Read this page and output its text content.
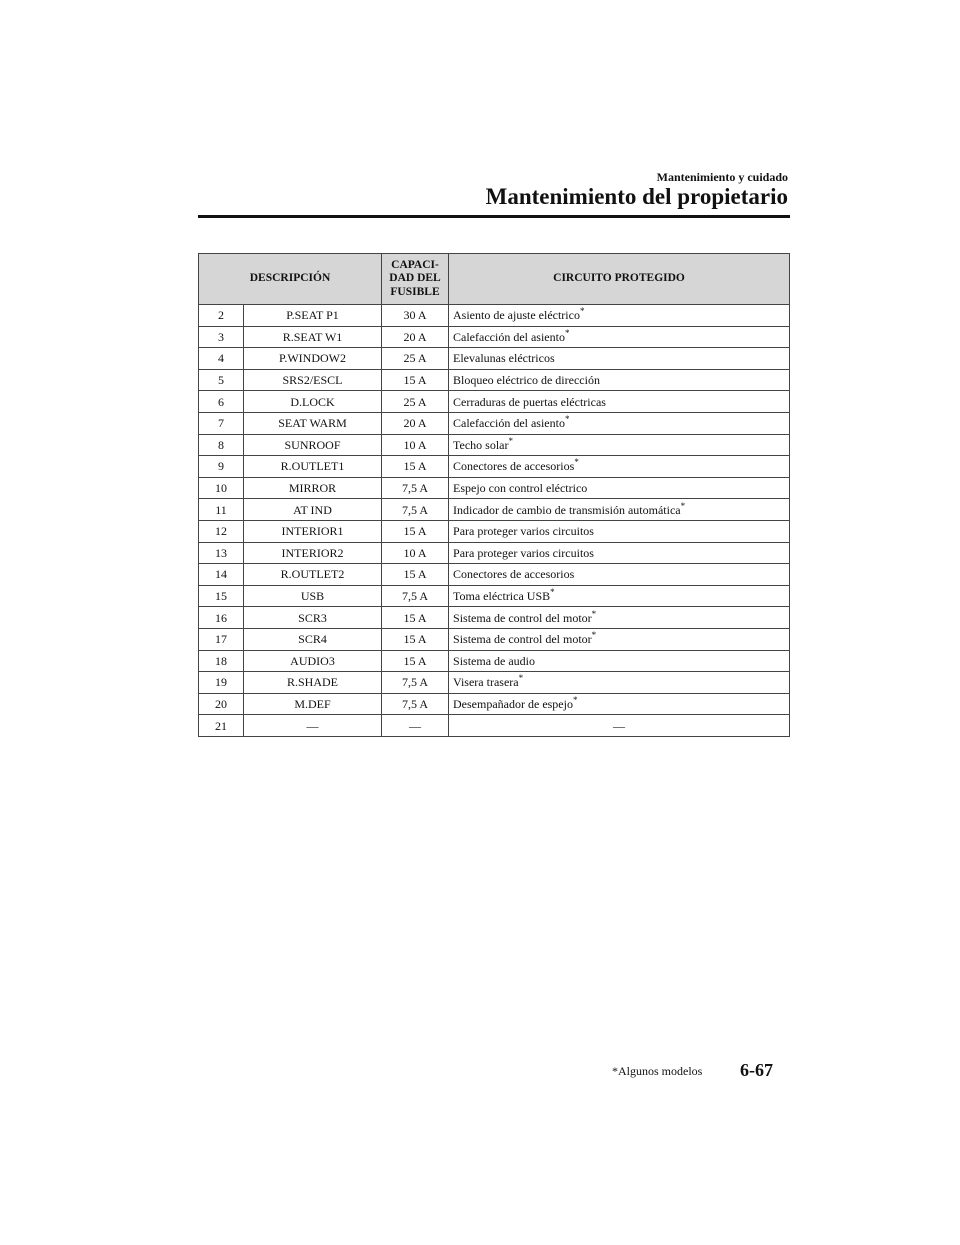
Mantenimiento y cuidado
Mantenimiento del propietario
DESCRIPCIÓN		CAPACI-
DAD DEL
FUSIBLE	CIRCUITO PROTEGIDO
2	P.SEAT P1	30 A	Asiento de ajuste eléctrico*
3	R.SEAT W1	20 A	Calefacción del asiento*
4	P.WINDOW2	25 A	Elevalunas eléctricos
5	SRS2/ESCL	15 A	Bloqueo eléctrico de dirección
6	D.LOCK	25 A	Cerraduras de puertas eléctricas
7	SEAT WARM	20 A	Calefacción del asiento*
8	SUNROOF	10 A	Techo solar*
9	R.OUTLET1	15 A	Conectores de accesorios*
10	MIRROR	7,5 A	Espejo con control eléctrico
11	AT IND	7,5 A	Indicador de cambio de transmisión automática*
12	INTERIOR1	15 A	Para proteger varios circuitos
13	INTERIOR2	10 A	Para proteger varios circuitos
14	R.OUTLET2	15 A	Conectores de accesorios
15	USB	7,5 A	Toma eléctrica USB*
16	SCR3	15 A	Sistema de control del motor*
17	SCR4	15 A	Sistema de control del motor*
18	AUDIO3	15 A	Sistema de audio
19	R.SHADE	7,5 A	Visera trasera*
20	M.DEF	7,5 A	Desempañador de espejo*
21	—	—	—
*Algunos modelos 6-67
